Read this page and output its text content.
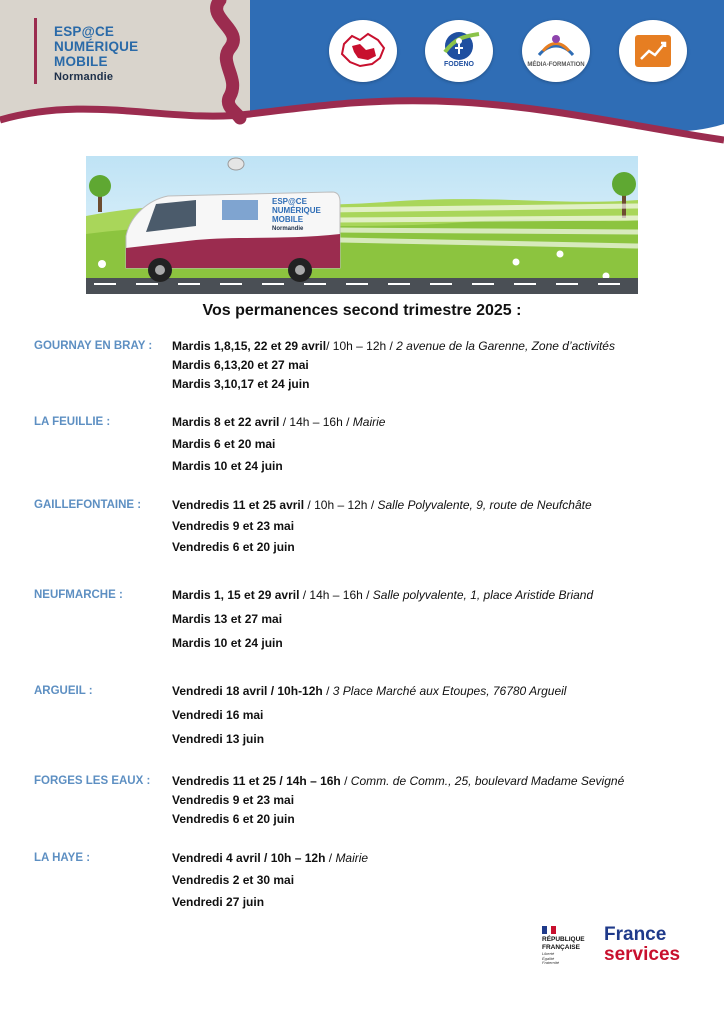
ESP@CE
NUMÉRIQUE
MOBILE
Normandie
FODENO	MÉDIA-FORMATION
ESP@CE
NUMÉRIQUE
MOBILE
Normandie
Vos permanences second trimestre 2025 :
GOURNAY EN BRAY : Mardis 1,8,15, 22 et 29 avril/ 10h – 12h / 2 avenue de la Garenne, Zone d’activités
Mardis 6,13,20 et 27 mai
Mardis 3,10,17 et 24 juin
LA FEUILLIE :	Mardis 8 et 22 avril / 14h – 16h / Mairie
Mardis 6 et 20 mai
Mardis 10 et 24 juin
GAILLEFONTAINE :	Vendredis 11 et 25 avril / 10h – 12h / Salle Polyvalente, 9, route de Neufchâte
Vendredis 9 et 23 mai
Vendredis 6 et 20 juin
NEUFMARCHE :	Mardis 1, 15 et 29 avril / 14h – 16h / Salle polyvalente, 1, place Aristide Briand
Mardis 13 et 27 mai
Mardis 10 et 24 juin
ARGUEIL :	Vendredi 18 avril / 10h-12h / 3 Place Marché aux Etoupes, 76780 Argueil
Vendredi 16 mai
Vendredi 13 juin
FORGES LES EAUX : Vendredis 11 et 25 / 14h – 16h / Comm. de Comm., 25, boulevard Madame Sevigné
Vendredis 9 et 23 mai
Vendredis 6 et 20 juin
LA HAYE :	Vendredi 4 avril / 10h – 12h / Mairie
Vendredis 2 et 30 mai
Vendredi 27 juin
RÉPUBLIQUE
FRANÇAISE
Liberté
Égalité
Fraternité
France
services
